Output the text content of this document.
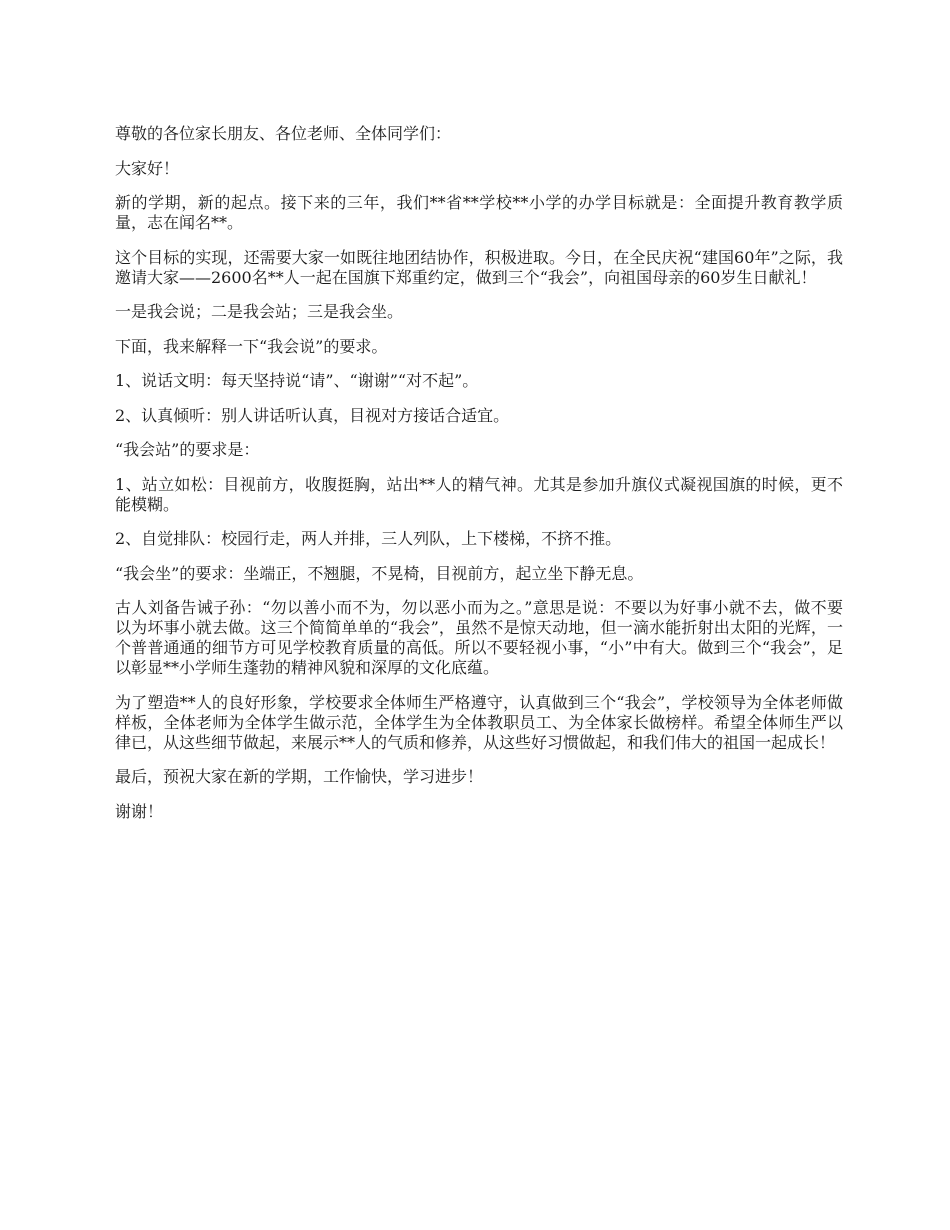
尊敬的各位家长朋友、各位老师、全体同学们：

大家好！

新的学期，新的起点。接下来的三年，我们**省**学校**小学的办学目标就是：全面提升教育教学质量，志在闻名**。

这个目标的实现，还需要大家一如既往地团结协作，积极进取。今日，在全民庆祝“建国60年”之际，我邀请大家——2600名**人一起在国旗下郑重约定，做到三个“我会”，向祖国母亲的60岁生日献礼！

一是我会说；二是我会站；三是我会坐。

下面，我来解释一下“我会说”的要求。

1、说话文明：每天坚持说“请”、“谢谢”“对不起”。

2、认真倾听：别人讲话听认真，目视对方接话合适宜。

“我会站”的要求是：

1、站立如松：目视前方，收腹挺胸，站出**人的精气神。尤其是参加升旗仪式凝视国旗的时候，更不能模糊。

2、自觉排队：校园行走，两人并排，三人列队，上下楼梯，不挤不推。

“我会坐”的要求：坐端正，不翘腿，不晃椅，目视前方，起立坐下静无息。

古人刘备告诫子孙：“勿以善小而不为，勿以恶小而为之。”意思是说：不要以为好事小就不去，做不要以为坏事小就去做。这三个简简单单的“我会”，虽然不是惊天动地，但一滴水能折射出太阳的光辉，一个普普通通的细节方可见学校教育质量的高低。所以不要轻视小事，“小”中有大。做到三个“我会”，足以彰显**小学师生蓬勃的精神风貌和深厚的文化底蕴。

为了塑造**人的良好形象，学校要求全体师生严格遵守，认真做到三个“我会”，学校领导为全体老师做样板，全体老师为全体学生做示范，全体学生为全体教职员工、为全体家长做榜样。希望全体师生严以律已，从这些细节做起，来展示**人的气质和修养，从这些好习惯做起，和我们伟大的祖国一起成长！

最后，预祝大家在新的学期，工作愉快，学习进步！

谢谢！
